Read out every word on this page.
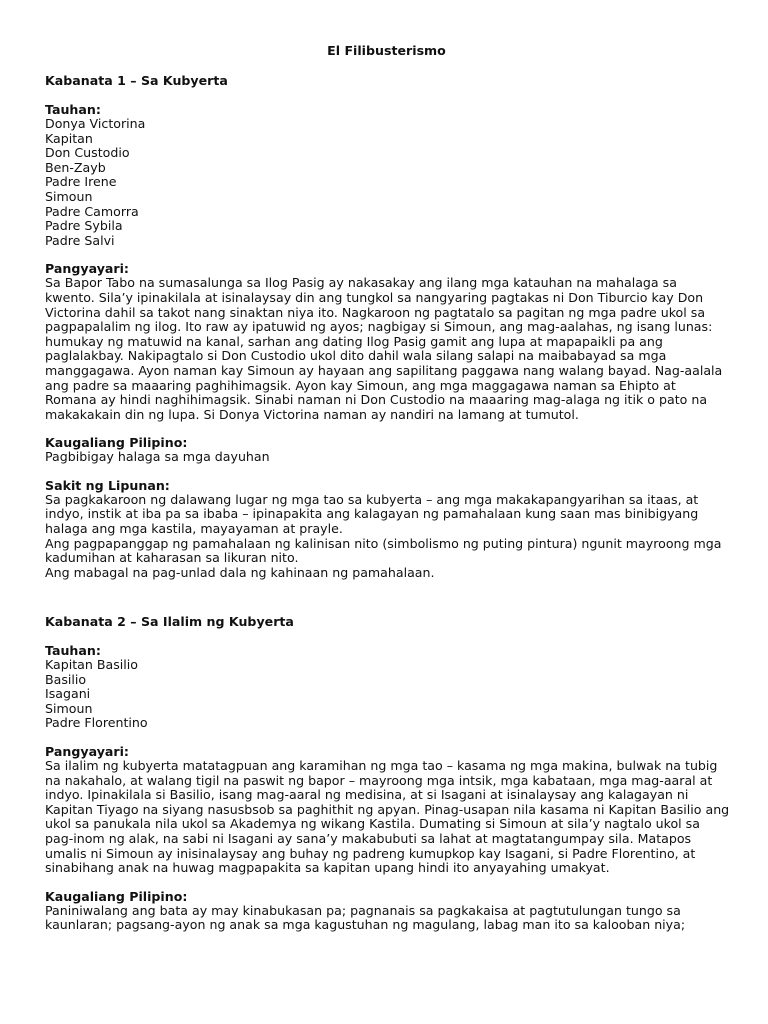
El Filibusterismo
Kabanata 1 – Sa Kubyerta
Tauhan:

Donya Victorina

Kapitan

Don Custodio

Ben-Zayb

Padre Irene

Simoun

Padre Camorra

Padre Sybila

Padre Salvi

Pangyayari:

Sa Bapor Tabo na sumasalunga sa Ilog Pasig ay nakasakay ang ilang mga katauhan na mahalaga sa

kwento. Sila’y ipinakilala at isinalaysay din ang tungkol sa nangyaring pagtakas ni Don Tiburcio kay Don

Victorina dahil sa takot nang sinaktan niya ito. Nagkaroon ng pagtatalo sa pagitan ng mga padre ukol sa

pagpapalalim ng ilog. Ito raw ay ipatuwid ng ayos; nagbigay si Simoun, ang mag-aalahas, ng isang lunas:

humukay ng matuwid na kanal, sarhan ang dating Ilog Pasig gamit ang lupa at mapapaikli pa ang

paglalakbay. Nakipagtalo si Don Custodio ukol dito dahil wala silang salapi na maibabayad sa mga

manggagawa. Ayon naman kay Simoun ay hayaan ang sapilitang paggawa nang walang bayad. Nag-aalala

ang padre sa maaaring paghihimagsik. Ayon kay Simoun, ang mga maggagawa naman sa Ehipto at

Romana ay hindi naghihimagsik. Sinabi naman ni Don Custodio na maaaring mag-alaga ng itik o pato na

makakakain din ng lupa. Si Donya Victorina naman ay nandiri na lamang at tumutol.

Kaugaliang Pilipino:

Pagbibigay halaga sa mga dayuhan

Sakit ng Lipunan:

Sa pagkakaroon ng dalawang lugar ng mga tao sa kubyerta – ang mga makakapangyarihan sa itaas, at

indyo, instik at iba pa sa ibaba – ipinapakita ang kalagayan ng pamahalaan kung saan mas binibigyang

halaga ang mga kastila, mayayaman at prayle.

Ang pagpapanggap ng pamahalaan ng kalinisan nito (simbolismo ng puting pintura) ngunit mayroong mga

kadumihan at kaharasan sa likuran nito.

Ang mabagal na pag-unlad dala ng kahinaan ng pamahalaan.

Kabanata 2 – Sa Ilalim ng Kubyerta
Tauhan:

Kapitan Basilio

Basilio

Isagani

Simoun

Padre Florentino

Pangyayari:

Sa ilalim ng kubyerta matatagpuan ang karamihan ng mga tao – kasama ng mga makina, bulwak na tubig

na nakahalo, at walang tigil na paswit ng bapor – mayroong mga intsik, mga kabataan, mga mag-aaral at

indyo. Ipinakilala si Basilio, isang mag-aaral ng medisina, at si Isagani at isinalaysay ang kalagayan ni

Kapitan Tiyago na siyang nasusbsob sa paghithit ng apyan. Pinag-usapan nila kasama ni Kapitan Basilio ang

ukol sa panukala nila ukol sa Akademya ng wikang Kastila. Dumating si Simoun at sila’y nagtalo ukol sa

pag-inom ng alak, na sabi ni Isagani ay sana’y makabubuti sa lahat at magtatangumpay sila. Matapos

umalis ni Simoun ay inisinalaysay ang buhay ng padreng kumupkop kay Isagani, si Padre Florentino, at

sinabihang anak na huwag magpapakita sa kapitan upang hindi ito anyayahing umakyat.

Kaugaliang Pilipino:

Paniniwalang ang bata ay may kinabukasan pa; pagnanais sa pagkakaisa at pagtutulungan tungo sa

kaunlaran; pagsang-ayon ng anak sa mga kagustuhan ng magulang, labag man ito sa kalooban niya;
